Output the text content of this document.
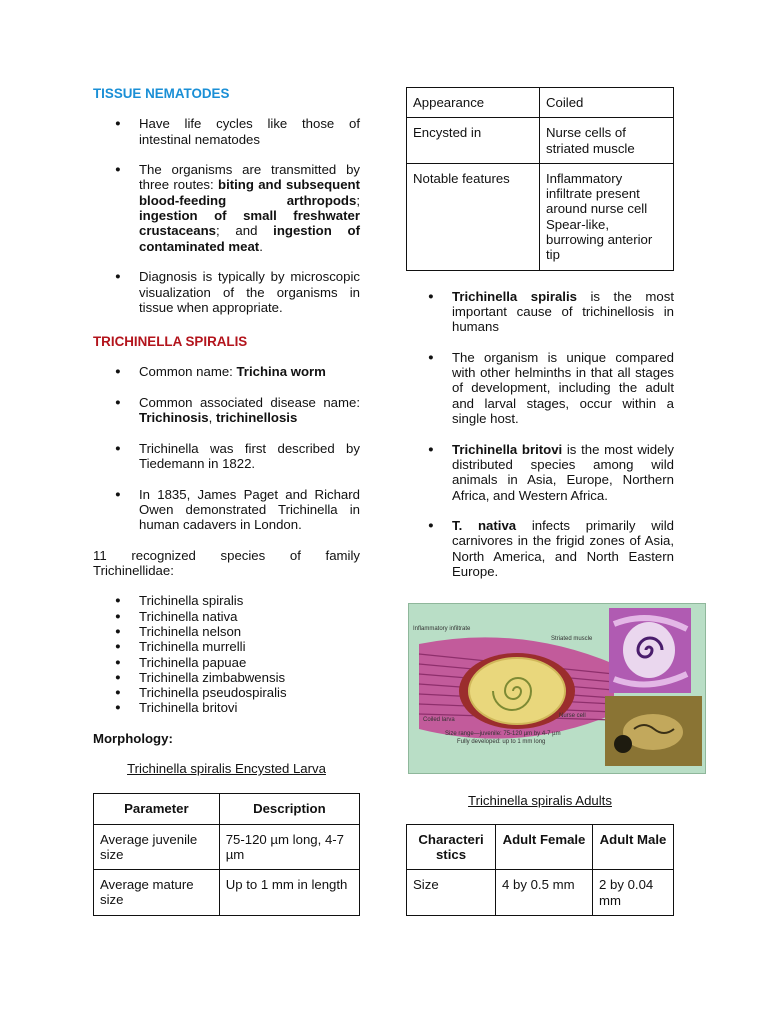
TISSUE NEMATODES

● Have life cycles like those of intestinal nematodes
● The organisms are transmitted by three routes: biting and subsequent blood-feeding arthropods; ingestion of small freshwater crustaceans; and ingestion of contaminated meat.
● Diagnosis is typically by microscopic visualization of the organisms in tissue when appropriate.

TRICHINELLA SPIRALIS

● Common name: Trichina worm
● Common associated disease name: Trichinosis, trichinellosis
● Trichinella was first described by Tiedemann in 1822.
● In 1835, James Paget and Richard Owen demonstrated Trichinella in human cadavers in London.

11 recognized species of family Trichinellidae:

● Trichinella spiralis
● Trichinella nativa
● Trichinella nelson
● Trichinella murrelli
● Trichinella papuae
● Trichinella zimbabwensis
● Trichinella pseudospiralis
● Trichinella britovi

Morphology:

Trichinella spiralis Encysted Larva

Parameter	Description
Average juvenile size	75-120 µm long, 4-7 µm
Average mature size	Up to 1 mm in length
Appearance	Coiled
Encysted in	Nurse cells of striated muscle
Notable features	Inflammatory infiltrate present around nurse cell Spear-like, burrowing anterior tip
● Trichinella spiralis is the most important cause of trichinellosis in humans
● The organism is unique compared with other helminths in that all stages of development, including the adult and larval stages, occur within a single host.
● Trichinella britovi is the most widely distributed species among wild animals in Asia, Europe, Northern Africa, and Western Africa.
● T. nativa infects primarily wild carnivores in the frigid zones of Asia, North America, and North Eastern Europe.
Inflammatory infiltrate
Striated muscle
Coiled larva
Nurse cell
Size range—juvenile: 75-120 µm by 4-7 µm
Fully developed: up to 1 mm long

Trichinella spiralis Adults

Characteri stics	Adult Female	Adult Male
Size	4 by 0.5 mm	2 by 0.04 mm
